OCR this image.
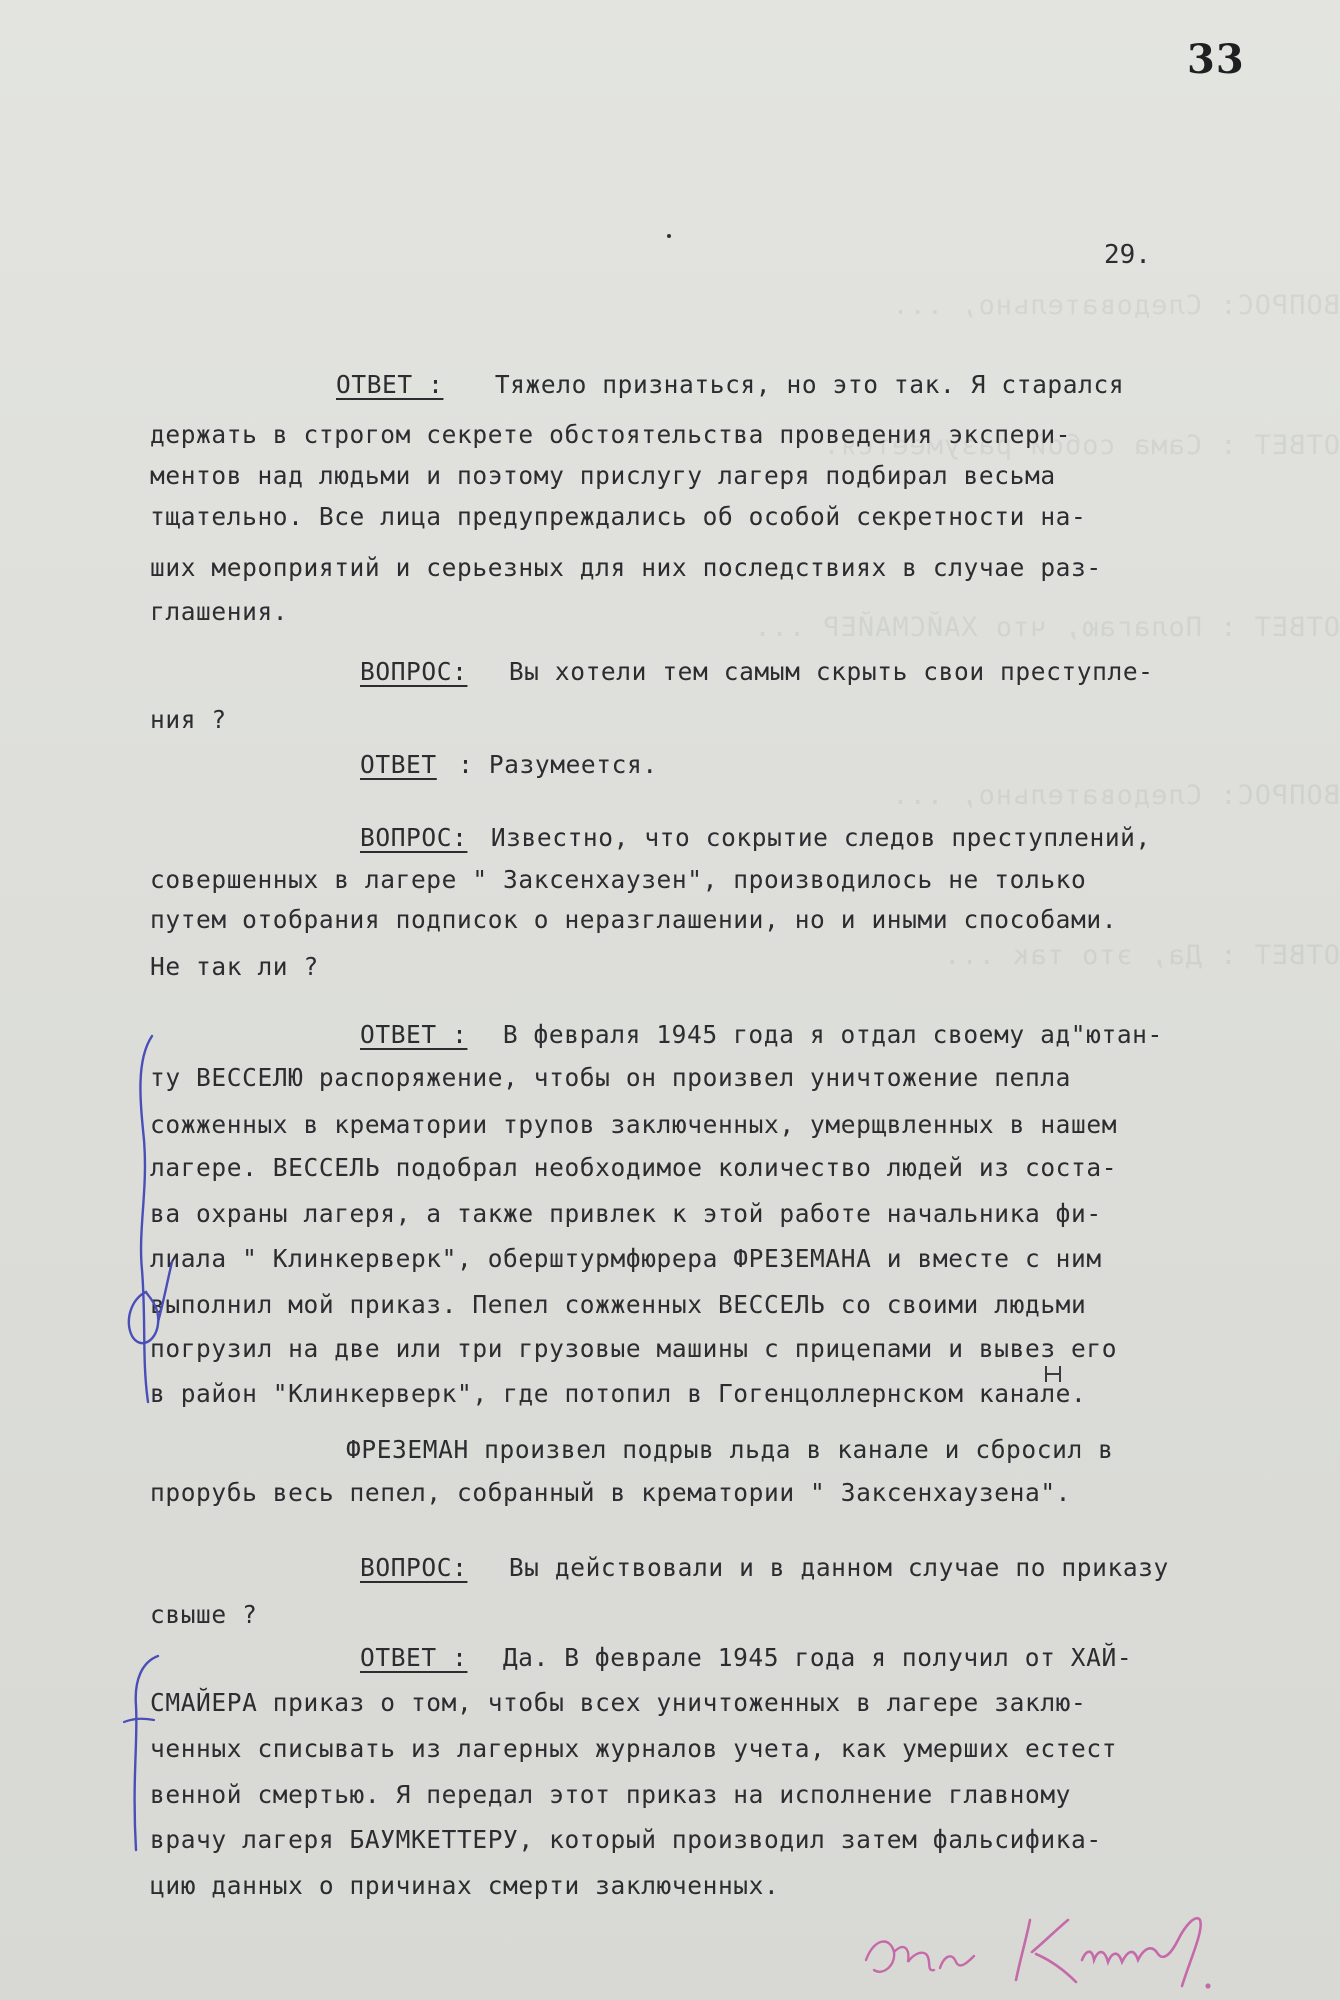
ВОПРОС: Следовательно, ...
ОТВЕТ : Сама собой разумеется.
ОТВЕТ : Полагаю, что ХАЙСМАЙЕР ...
ВОПРОС: Следовательно, ...
ОТВЕТ : Да, это так ...
33
29.
ОТВЕТ : Тяжело признаться, но это так. Я старался
держать в строгом секрете обстоятельства проведения экспери-
ментов над людьми и поэтому прислугу лагеря подбирал весьма
тщательно. Все лица предупреждались об особой секретности на-
ших мероприятий и серьезных для них последствиях в случае раз-
глашения.
ВОПРОС: Вы хотели тем самым скрыть свои преступле-
ния ?
ОТВЕТ : Разумеется.
ВОПРОС: Известно, что сокрытие следов преступлений,
совершенных в лагере " Заксенхаузен", производилось не только
путем отобрания подписок о неразглашении, но и иными способами.
Не так ли ?
ОТВЕТ : В февраля 1945 года я отдал своему ад"ютан-
ту ВЕССЕЛЮ распоряжение, чтобы он произвел уничтожение пепла
сожженных в крематории трупов заключенных, умерщвленных в нашем
лагере. ВЕССЕЛЬ подобрал необходимое количество людей из соста-
ва охраны лагеря, а также привлек к этой работе начальника фи-
лиала " Клинкерверк", оберштурмфюрера ФРЕЗЕМАНА и вместе с ним
выполнил мой приказ. Пепел сожженных ВЕССЕЛЬ со своими людьми
погрузил на две или три грузовые машины с прицепами и вывез его
в район "Клинкерверк", где потопил в Гогенцоллернском канале.
ФРЕЗЕМАН произвел подрыв льда в канале и сбросил в
прорубь весь пепел, собранный в крематории " Заксенхаузена".
ВОПРОС: Вы действовали и в данном случае по приказу
свыше ?
ОТВЕТ : Да. В феврале 1945 года я получил от ХАЙ-
СМАЙЕРА приказ о том, чтобы всех уничтоженных в лагере заклю-
ченных списывать из лагерных журналов учета, как умерших естест
венной смертью. Я передал этот приказ на исполнение главному
врачу лагеря БАУМКЕТТЕРУ, который производил затем фальсифика-
цию данных о причинах смерти заключенных.
